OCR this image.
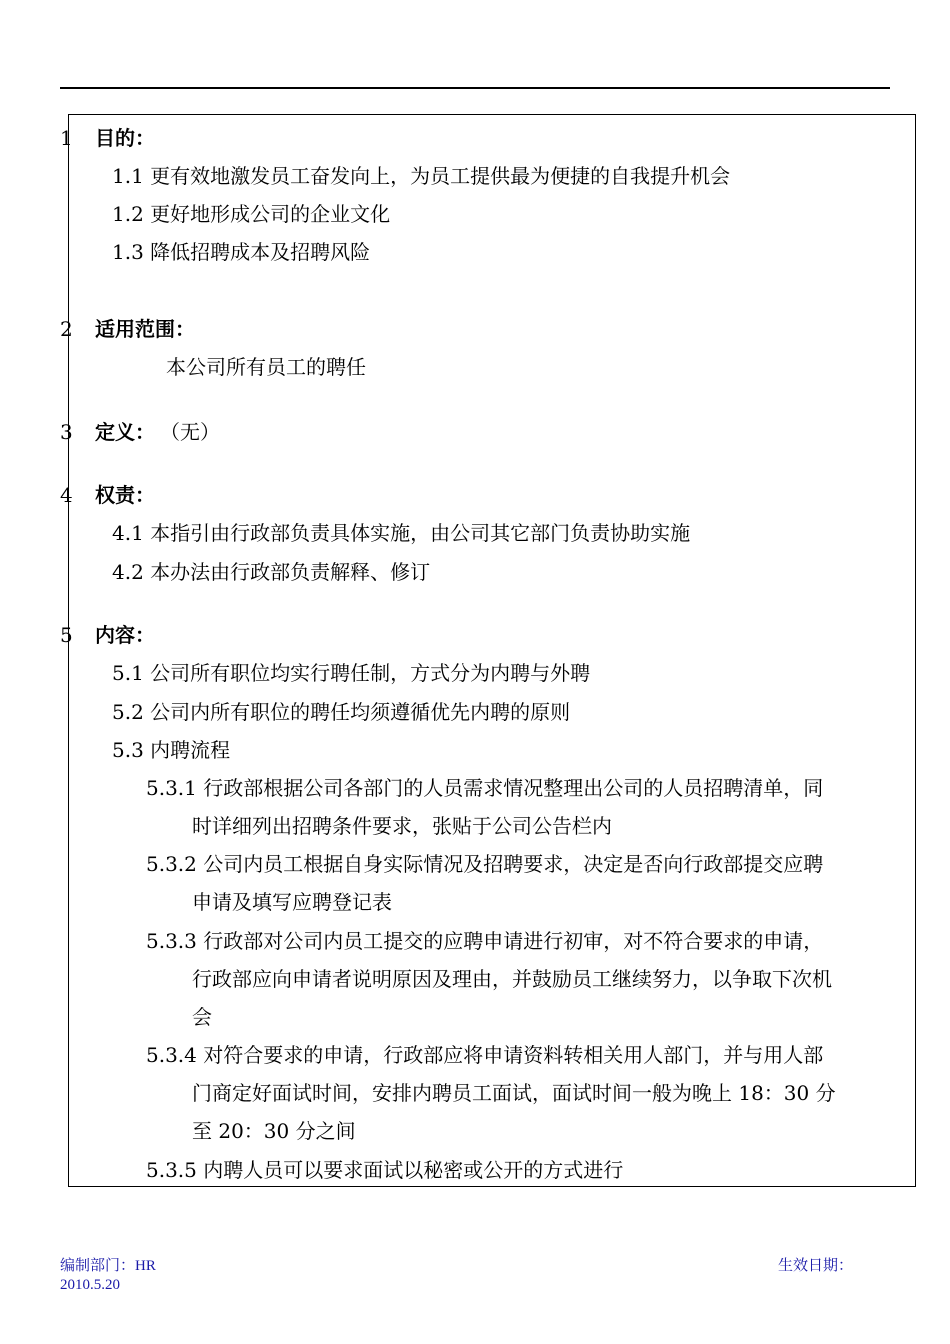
1 目的：
1.1 更有效地激发员工奋发向上，为员工提供最为便捷的自我提升机会
1.2 更好地形成公司的企业文化
1.3 降低招聘成本及招聘风险
2 适用范围：
本公司所有员工的聘任
3 定义： （无）
4 权责：
4.1 本指引由行政部负责具体实施，由公司其它部门负责协助实施
4.2 本办法由行政部负责解释、修订
5 内容：
5.1 公司所有职位均实行聘任制，方式分为内聘与外聘
5.2 公司内所有职位的聘任均须遵循优先内聘的原则
5.3 内聘流程
5.3.1 行政部根据公司各部门的人员需求情况整理出公司的人员招聘清单，同
时详细列出招聘条件要求，张贴于公司公告栏内
5.3.2 公司内员工根据自身实际情况及招聘要求，决定是否向行政部提交应聘
申请及填写应聘登记表
5.3.3 行政部对公司内员工提交的应聘申请进行初审，对不符合要求的申请，
行政部应向申请者说明原因及理由，并鼓励员工继续努力，以争取下次机
会
5.3.4 对符合要求的申请，行政部应将申请资料转相关用人部门，并与用人部
门商定好面试时间，安排内聘员工面试，面试时间一般为晚上 18：30 分
至 20：30 分之间
5.3.5 内聘人员可以要求面试以秘密或公开的方式进行
编制部门：HR	生效日期：
2010.5.20
